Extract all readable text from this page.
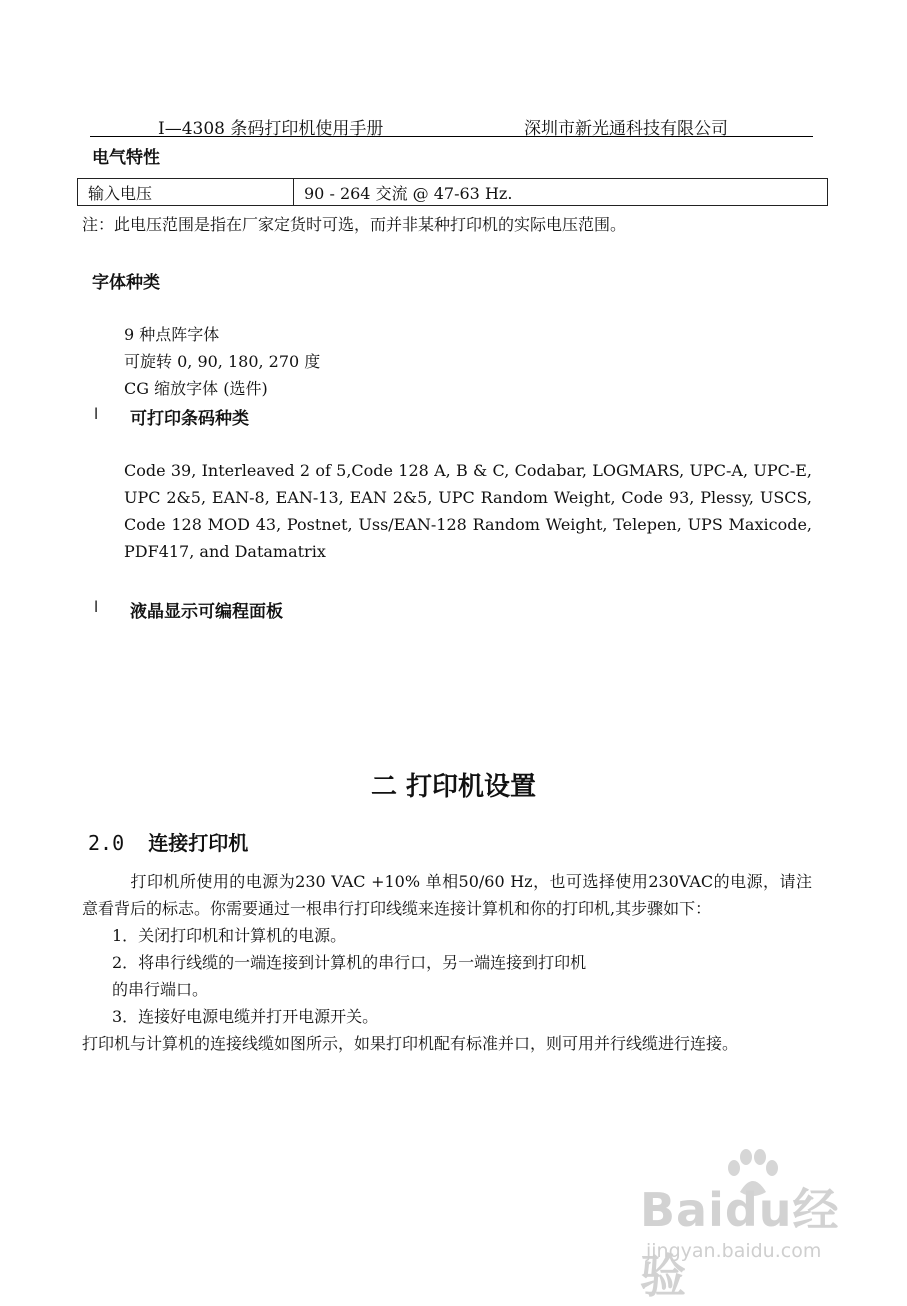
I—4308 条码打印机使用手册	深圳市新光通科技有限公司
电气特性
输入电压	90 - 264 交流 @ 47-63 Hz.
注：此电压范围是指在厂家定货时可选，而并非某种打印机的实际电压范围。
字体种类
9 种点阵字体
可旋转 0, 90, 180, 270 度
CG 缩放字体 (选件)
l 可打印条码种类
Code 39, Interleaved 2 of 5,Code 128 A, B & C, Codabar, LOGMARS, UPC-A, UPC-E, UPC 2&5, EAN-8, EAN-13, EAN 2&5, UPC Random Weight, Code 93, Plessy, USCS, Code 128 MOD 43, Postnet, Uss/EAN-128 Random Weight, Telepen, UPS Maxicode, PDF417, and Datamatrix
l 液晶显示可编程面板
二 打印机设置
2.0 连接打印机
打印机所使用的电源为230 VAC +10% 单相50/60 Hz，也可选择使用230VAC的电源，请注意看背后的标志。你需要通过一根串行打印线缆来连接计算机和你的打印机,其步骤如下：
1．关闭打印机和计算机的电源。
2．将串行线缆的一端连接到计算机的串行口，另一端连接到打印机
的串行端口。
3．连接好电源电缆并打开电源开关。
打印机与计算机的连接线缆如图所示，如果打印机配有标准并口，则可用并行线缆进行连接。
Baidu经验
jingyan.baidu.com
